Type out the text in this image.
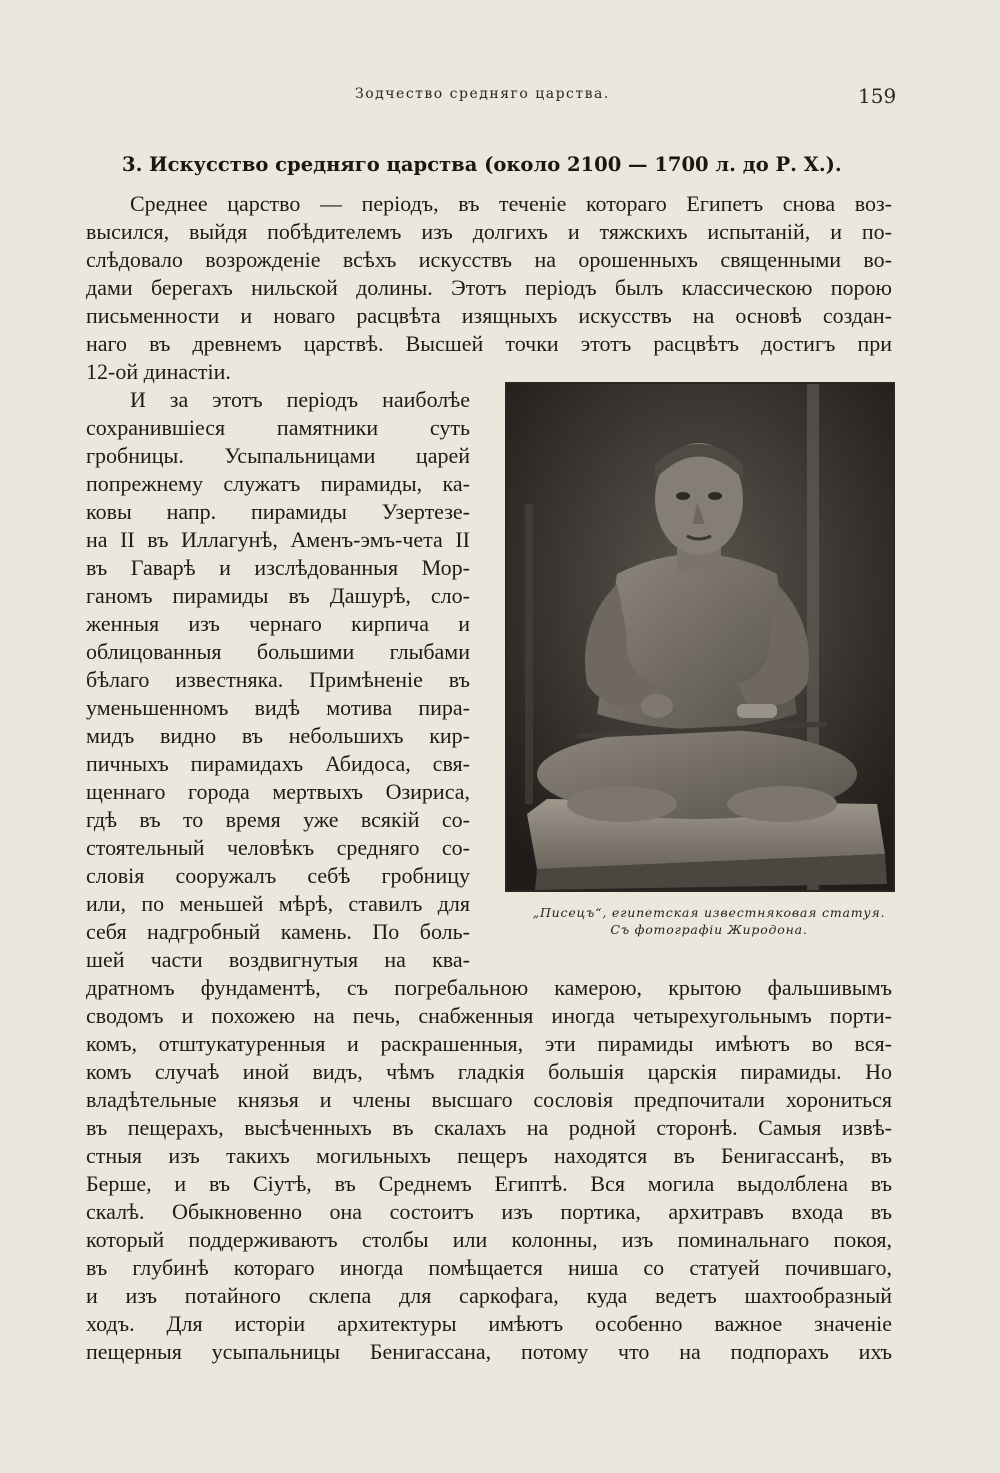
Зодчество средняго царства.	159
3. Искусство средняго царства (около 2100 — 1700 л. до Р. Х.).
Среднее царство — періодъ, въ теченіе котораго Египетъ снова воз-
высился, выйдя побѣдителемъ изъ долгихъ и тяжскихъ испытаній, и по-
слѣдовало возрожденіе всѣхъ искусствъ на орошенныхъ священными во-
дами берегахъ нильской долины. Этотъ періодъ былъ классическою порою
письменности и новаго расцвѣта изящныхъ искусствъ на основѣ создан-
наго въ древнемъ царствѣ. Высшей точки этотъ расцвѣтъ достигъ при
12-ой династіи.
И за этотъ періодъ наиболѣе
сохранившіеся памятники суть
гробницы. Усыпальницами царей
попрежнему служатъ пирамиды, ка-
ковы напр. пирамиды Узертезе-
на II въ Иллагунѣ, Аменъ-эмъ-чета II
въ Гаварѣ и изслѣдованныя Мор-
ганомъ пирамиды въ Дашурѣ, сло-
женныя изъ чернаго кирпича и
облицованныя большими глыбами
бѣлаго известняка. Примѣненіе въ
уменьшенномъ видѣ мотива пира-
мидъ видно въ небольшихъ кир-
пичныхъ пирамидахъ Абидоса, свя-
щеннаго города мертвыхъ Озириса,
гдѣ въ то время уже всякій со-
стоятельный человѣкъ средняго со-
словія сооружалъ себѣ гробницу
или, по меньшей мѣрѣ, ставилъ для
себя надгробный камень. По боль-
шей части воздвигнутыя на ква-
дратномъ фундаментѣ, съ погребальною камерою, крытою фальшивымъ
сводомъ и похожею на печь, снабженныя иногда четырехугольнымъ порти-
комъ, отштукатуренныя и раскрашенныя, эти пирамиды имѣютъ во вся-
комъ случаѣ иной видъ, чѣмъ гладкія большія царскія пирамиды. Но
владѣтельные князья и члены высшаго сословія предпочитали хорониться
въ пещерахъ, высѣченныхъ въ скалахъ на родной сторонѣ. Самыя извѣ-
стныя изъ такихъ могильныхъ пещеръ находятся въ Бенигассанѣ, въ
Берше, и въ Сіутѣ, въ Среднемъ Египтѣ. Вся могила выдолблена въ
скалѣ. Обыкновенно она состоитъ изъ портика, архитравъ входа въ
который поддерживаютъ столбы или колонны, изъ поминальнаго покоя,
въ глубинѣ котораго иногда помѣщается ниша со статуей почившаго,
и изъ потайного склепа для саркофага, куда ведетъ шахтообразный
ходъ. Для исторіи архитектуры имѣютъ особенно важное значеніе
пещерныя усыпальницы Бенигассана, потому что на подпорахъ ихъ
„Писецъ“, египетская известняковая статуя.
Съ фотографіи Жиродона.
